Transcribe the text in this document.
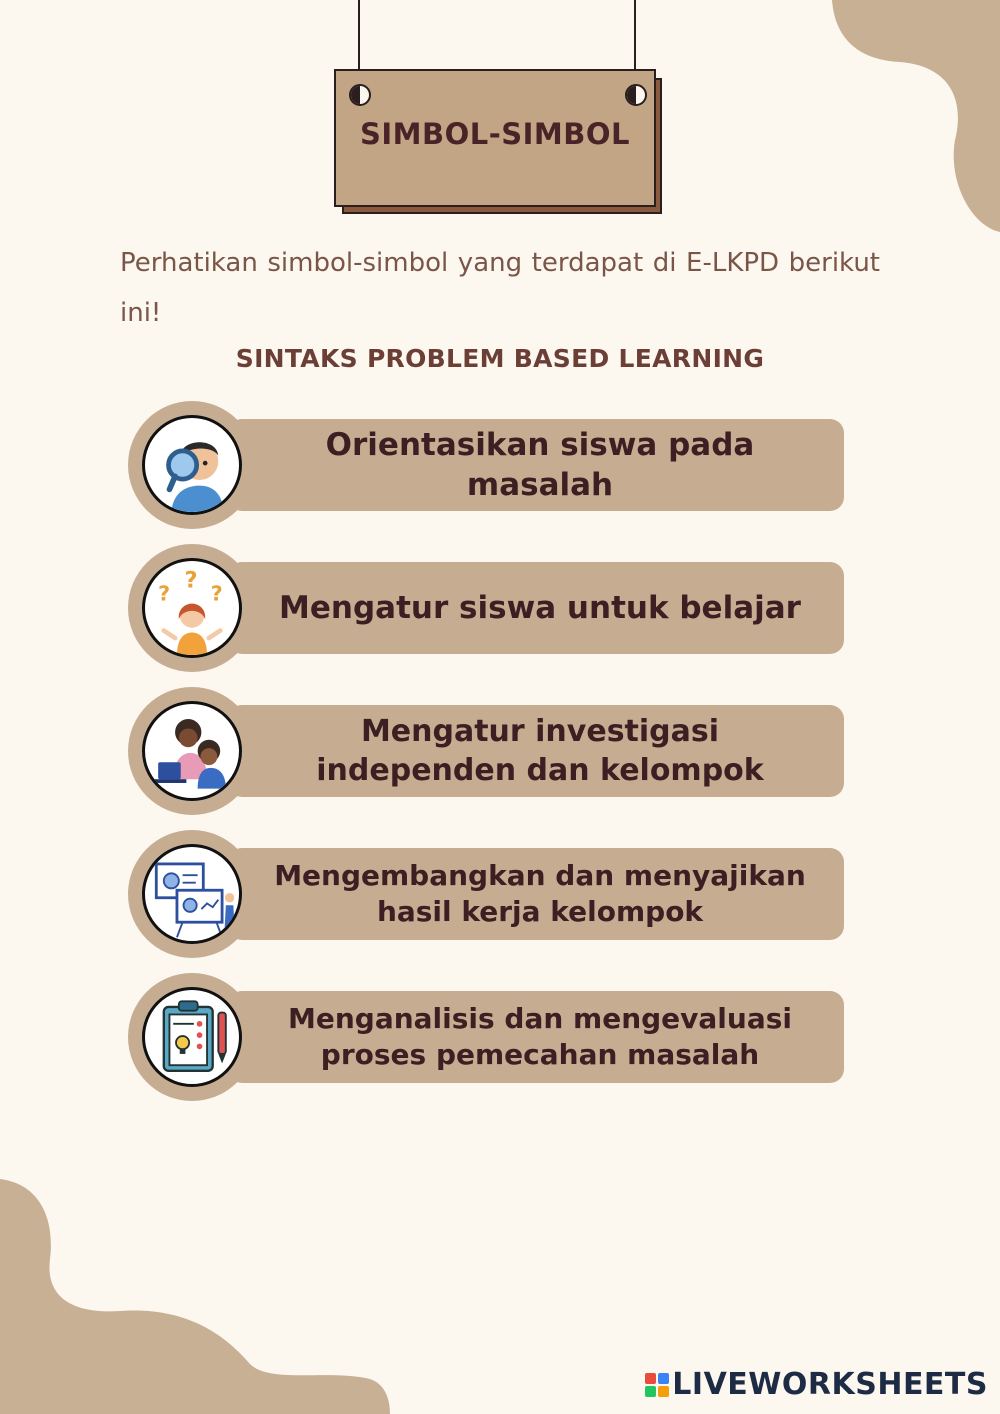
SIMBOL-SIMBOL
Perhatikan simbol-simbol yang terdapat di E-LKPD berikut ini!
SINTAKS PROBLEM BASED LEARNING
Orientasikan siswa pada masalah
Mengatur siswa untuk belajar
?
?
?
Mengatur investigasi independen dan kelompok
Mengembangkan dan menyajikan hasil kerja kelompok
Menganalisis dan mengevaluasi proses pemecahan masalah
LIVEWORKSHEETS
